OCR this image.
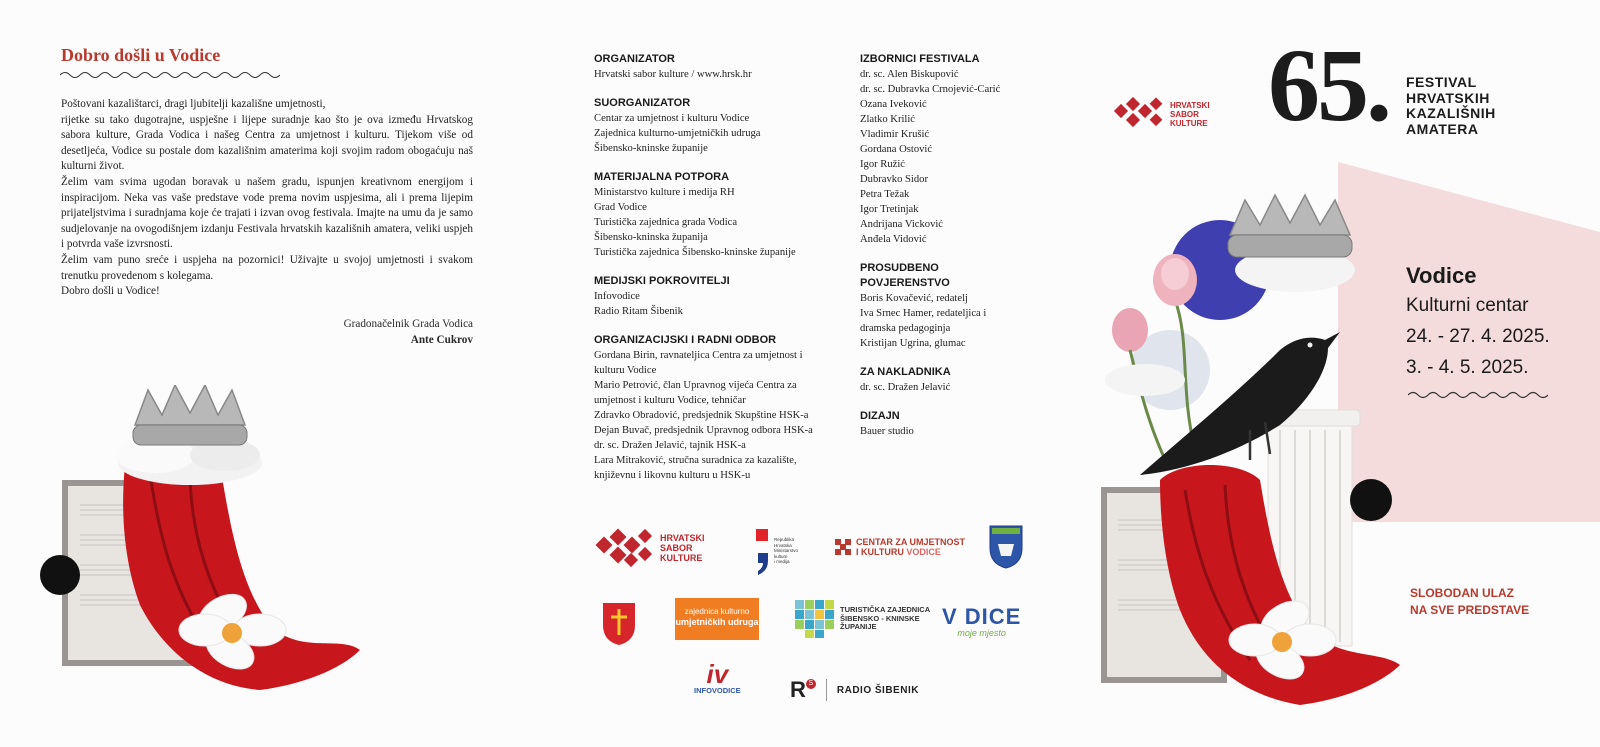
Dobro došli u Vodice

Poštovani kazalištarci, dragi ljubitelji kazališne umjetnosti,

rijetke su tako dugotrajne, uspješne i lijepe suradnje kao što je ova između Hrvatskog sabora kulture, Grada Vodica i našeg Centra za umjetnost i kulturu. Tijekom više od desetljeća, Vodice su postale dom kazališnim amaterima koji svojim radom obogaćuju naš kulturni život.

Želim vam svima ugodan boravak u našem gradu, ispunjen kreativnom energijom i inspiracijom. Neka vas vaše predstave vode prema novim uspjesima, ali i prema lijepim prijateljstvima i suradnjama koje će trajati i izvan ovog festivala. Imajte na umu da je samo sudjelovanje na ovogodišnjem izdanju Festivala hrvatskih kazališnih amatera, veliki uspjeh i potvrda vaše izvrsnosti.

Želim vam puno sreće i uspjeha na pozornici! Uživajte u svojoj umjetnosti i svakom trenutku provedenom s kolegama.

Dobro došli u Vodice!

Gradonačelnik Grada Vodica
Ante Cukrov
ORGANIZATOR
Hrvatski sabor kulture / www.hrsk.hr
SUORGANIZATOR
Centar za umjetnost i kulturu Vodice
Zajednica kulturno-umjetničkih udruga
Šibensko-kninske županije
MATERIJALNA POTPORA
Ministarstvo kulture i medija RH
Grad Vodice
Turistička zajednica grada Vodica
Šibensko-kninska županija
Turistička zajednica Šibensko-kninske županije
MEDIJSKI POKROVITELJI
Infovodice
Radio Ritam Šibenik
ORGANIZACIJSKI I RADNI ODBOR
Gordana Birin, ravnateljica Centra za umjetnost i
kulturu Vodice
Mario Petrović, član Upravnog vijeća Centra za
umjetnost i kulturu Vodice, tehničar
Zdravko Obradović, predsjednik Skupštine HSK-a
Dejan Buvač, predsjednik Upravnog odbora HSK-a
dr. sc. Dražen Jelavić, tajnik HSK-a
Lara Mitraković, stručna suradnica za kazalište,
književnu i likovnu kulturu u HSK-u
IZBORNICI FESTIVALA
dr. sc. Alen Biskupović
dr. sc. Dubravka Crnojević-Carić
Ozana Iveković
Zlatko Krilić
Vladimir Krušić
Gordana Ostović
Igor Ružić
Dubravko Sidor
Petra Težak
Igor Tretinjak
Andrijana Vicković
Anđela Vidović
PROSUDBENO POVJERENSTVO
Boris Kovačević, redatelj
Iva Srnec Hamer, redateljica i
dramska pedagoginja
Kristijan Ugrina, glumac
ZA NAKLADNIKA
dr. sc. Dražen Jelavić
DIZAJN
Bauer studio
HRVATSKI
SABOR
KULTURE
Republika
Hrvatska
Ministarstvo
kulture
i medija
CENTAR ZA UMJETNOST
I KULTURU VODICE
zajednica kulturno
umjetničkih udruga
TURISTIČKA ZAJEDNICA
ŠIBENSKO - KNINSKE
ŽUPANIJE	V DICE
moje mjesto
iv
INFOVODICE R S
RADIO ŠIBENIK
HRVATSKI
SABOR
KULTURE 65. FESTIVAL
HRVATSKIH
KAZALIŠNIH
AMATERA
Vodice
Kulturni centar
24. - 27. 4. 2025.
3. - 4. 5. 2025.
SLOBODAN ULAZ
NA SVE PREDSTAVE
